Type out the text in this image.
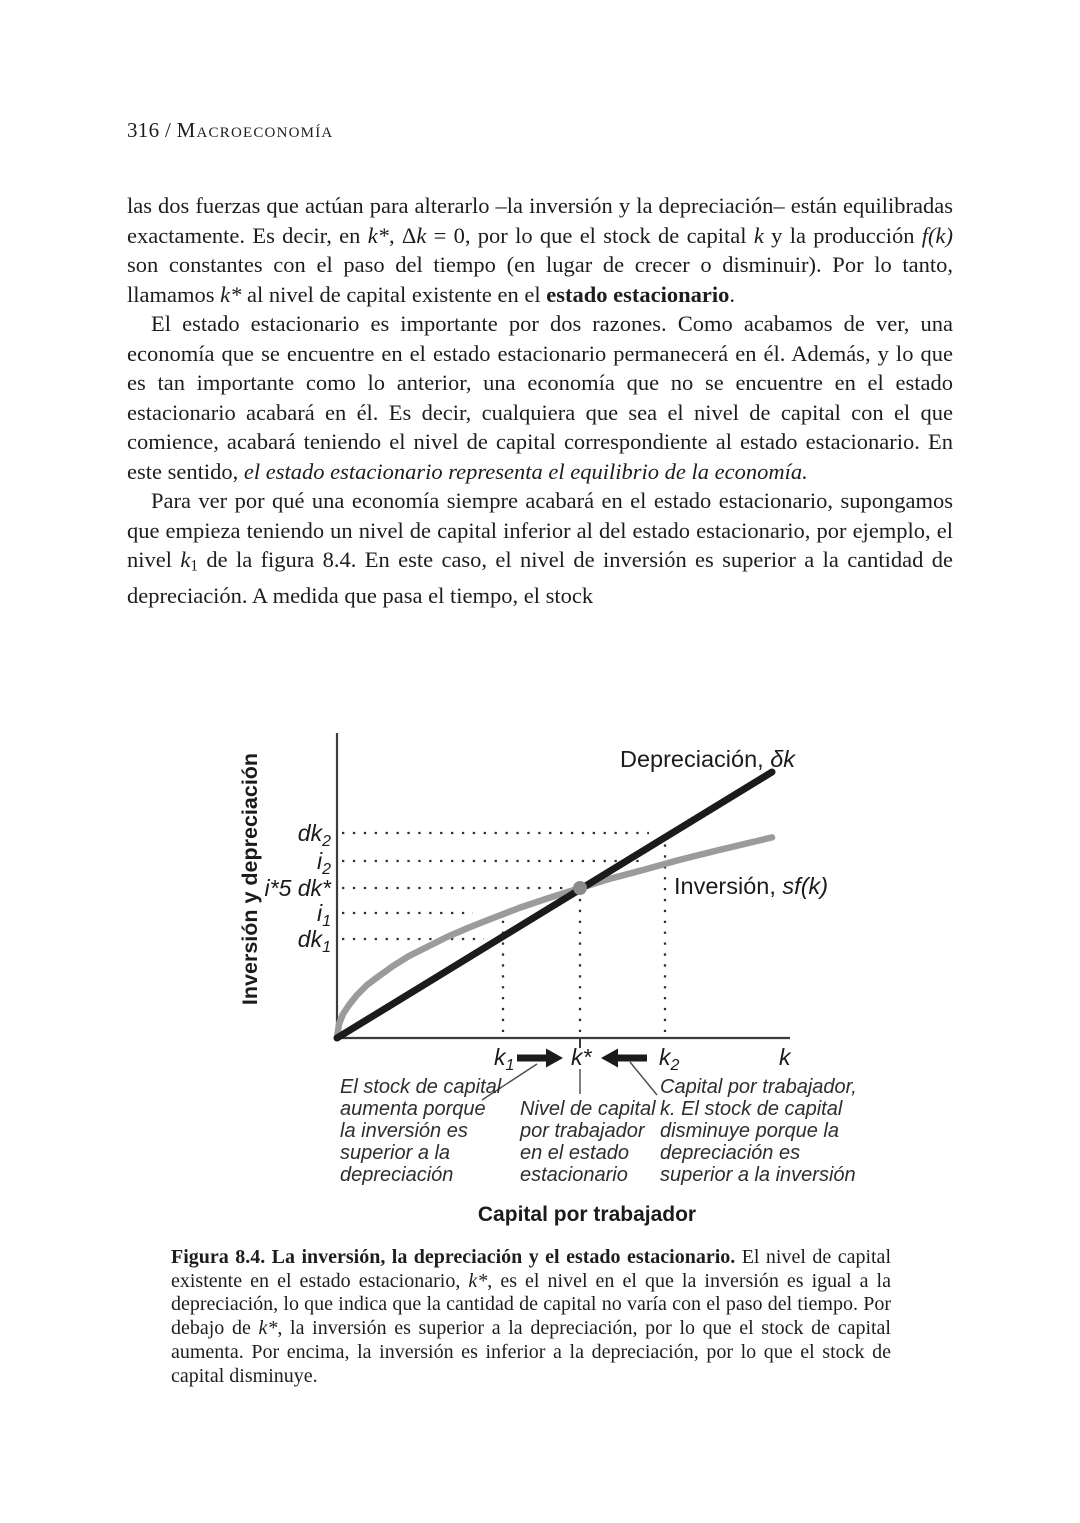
316 / Macroeconomía

las dos fuerzas que actúan para alterarlo –la inversión y la depreciación– están equilibradas exactamente. Es decir, en k*, Δk = 0, por lo que el stock de capital k y la producción f(k) son constantes con el paso del tiempo (en lugar de crecer o disminuir). Por lo tanto, llamamos k* al nivel de capital existente en el estado estacionario.

El estado estacionario es importante por dos razones. Como acabamos de ver, una economía que se encuentre en el estado estacionario permanecerá en él. Además, y lo que es tan importante como lo anterior, una economía que no se encuentre en el estado estacionario acabará en él. Es decir, cualquiera que sea el nivel de capital con el que comience, acabará teniendo el nivel de capital correspondiente al estado estacionario. En este sentido, el estado estacionario representa el equilibrio de la economía.

Para ver por qué una economía siempre acabará en el estado estacionario, supongamos que empieza teniendo un nivel de capital inferior al del estado estacionario, por ejemplo, el nivel $k_1$ de la figura 8.4. En este caso, el nivel de inversión es superior a la cantidad de depreciación. A medida que pasa el tiempo, el stock

Inversión y depreciación	Depreciación, δk
Inversión, sf(k)
$dk_2$
$i_2$
i*5 dk*
$i_1$
$dk_1$
$k_1$ k*	$k_2$	k
El stock de capital
aumenta porque
la inversión es
superior a la
depreciación
Nivel de capital
por trabajador
en el estado
estacionario
Capital por trabajador,
k. El stock de capital
disminuye porque la
depreciación es
superior a la inversión
Capital por trabajador
Figura 8.4. La inversión, la depreciación y el estado estacionario. El nivel de capital existente en el estado estacionario, k*, es el nivel en el que la inversión es igual a la depreciación, lo que indica que la cantidad de capital no varía con el paso del tiempo. Por debajo de k*, la inversión es superior a la depreciación, por lo que el stock de capital aumenta. Por encima, la inversión es inferior a la depreciación, por lo que el stock de capital disminuye.
